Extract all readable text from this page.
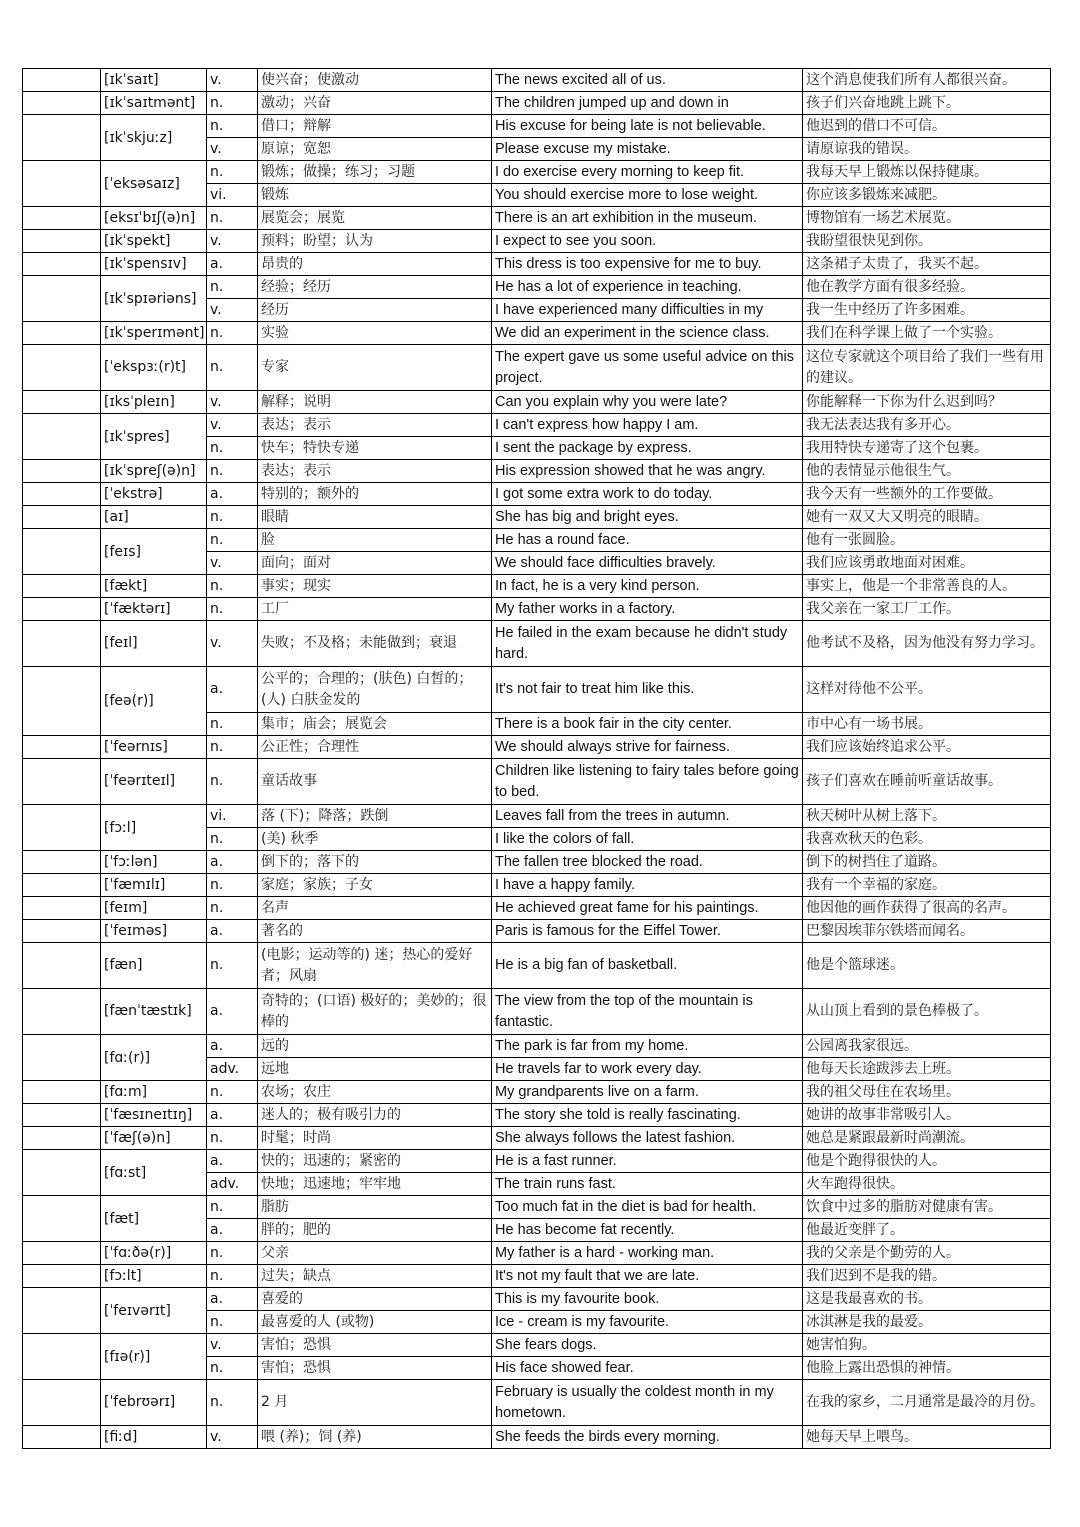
	[ɪkˈsaɪt]	v.	使兴奋；使激动	The news excited all of us.	这个消息使我们所有人都很兴奋。
	[ɪkˈsaɪtmənt]	n.	激动；兴奋	The children jumped up and down in	孩子们兴奋地跳上跳下。
	[ɪkˈskjuːz]	n.	借口；辩解	His excuse for being late is not believable.	他迟到的借口不可信。
		v.	原谅；宽恕	Please excuse my mistake.	请原谅我的错误。
	[ˈeksəsaɪz]	n.	锻炼；做操；练习；习题	I do exercise every morning to keep fit.	我每天早上锻炼以保持健康。
		vi.	锻炼	You should exercise more to lose weight.	你应该多锻炼来减肥。
	[eksɪˈbɪʃ(ə)n]	n.	展览会；展览	There is an art exhibition in the museum.	博物馆有一场艺术展览。
	[ɪkˈspekt]	v.	预料；盼望；认为	I expect to see you soon.	我盼望很快见到你。
	[ɪkˈspensɪv]	a.	昂贵的	This dress is too expensive for me to buy.	这条裙子太贵了，我买不起。
	[ɪkˈspɪəriəns]	n.	经验；经历	He has a lot of experience in teaching.	他在教学方面有很多经验。
		v.	经历	I have experienced many difficulties in my	我一生中经历了许多困难。
	[ɪkˈsperɪmənt]	n.	实验	We did an experiment in the science class.	我们在科学课上做了一个实验。
	[ˈekspɜː(r)t]	n.	专家	The expert gave us some useful advice on this project.	这位专家就这个项目给了我们一些有用的建议。
	[ɪksˈpleɪn]	v.	解释；说明	Can you explain why you were late?	你能解释一下你为什么迟到吗？
	[ɪkˈspres]	v.	表达；表示	I can't express how happy I am.	我无法表达我有多开心。
		n.	快车；特快专递	I sent the package by express.	我用特快专递寄了这个包裹。
	[ɪkˈspreʃ(ə)n]	n.	表达；表示	His expression showed that he was angry.	他的表情显示他很生气。
	[ˈekstrə]	a.	特别的；额外的	I got some extra work to do today.	我今天有一些额外的工作要做。
	[aɪ]	n.	眼睛	She has big and bright eyes.	她有一双又大又明亮的眼睛。
	[feɪs]	n.	脸	He has a round face.	他有一张圆脸。
		v.	面向；面对	We should face difficulties bravely.	我们应该勇敢地面对困难。
	[fækt]	n.	事实；现实	In fact, he is a very kind person.	事实上，他是一个非常善良的人。
	[ˈfæktərɪ]	n.	工厂	My father works in a factory.	我父亲在一家工厂工作。
	[feɪl]	v.	失败；不及格；未能做到；衰退	He failed in the exam because he didn't study hard.	他考试不及格，因为他没有努力学习。
	[feə(r)]	a.	公平的；合理的；(肤色) 白皙的；(人) 白肤金发的	It's not fair to treat him like this.	这样对待他不公平。
		n.	集市；庙会；展览会	There is a book fair in the city center.	市中心有一场书展。
	[ˈfeərnɪs]	n.	公正性；合理性	We should always strive for fairness.	我们应该始终追求公平。
	[ˈfeərɪteɪl]	n.	童话故事	Children like listening to fairy tales before going to bed.	孩子们喜欢在睡前听童话故事。
	[fɔːl]	vi.	落 (下)；降落；跌倒	Leaves fall from the trees in autumn.	秋天树叶从树上落下。
		n.	(美) 秋季	I like the colors of fall.	我喜欢秋天的色彩。
	[ˈfɔːlən]	a.	倒下的；落下的	The fallen tree blocked the road.	倒下的树挡住了道路。
	[ˈfæmɪlɪ]	n.	家庭；家族；子女	I have a happy family.	我有一个幸福的家庭。
	[feɪm]	n.	名声	He achieved great fame for his paintings.	他因他的画作获得了很高的名声。
	[ˈfeɪməs]	a.	著名的	Paris is famous for the Eiffel Tower.	巴黎因埃菲尔铁塔而闻名。
	[fæn]	n.	(电影；运动等的) 迷；热心的爱好者；风扇	He is a big fan of basketball.	他是个篮球迷。
	[fænˈtæstɪk]	a.	奇特的；(口语) 极好的；美妙的；很棒的	The view from the top of the mountain is fantastic.	从山顶上看到的景色棒极了。
	[fɑː(r)]	a.	远的	The park is far from my home.	公园离我家很远。
		adv.	远地	He travels far to work every day.	他每天长途跋涉去上班。
	[fɑːm]	n.	农场；农庄	My grandparents live on a farm.	我的祖父母住在农场里。
	[ˈfæsɪneɪtɪŋ]	a.	迷人的；极有吸引力的	The story she told is really fascinating.	她讲的故事非常吸引人。
	[ˈfæʃ(ə)n]	n.	时髦；时尚	She always follows the latest fashion.	她总是紧跟最新时尚潮流。
	[fɑːst]	a.	快的；迅速的；紧密的	He is a fast runner.	他是个跑得很快的人。
		adv.	快地；迅速地；牢牢地	The train runs fast.	火车跑得很快。
	[fæt]	n.	脂肪	Too much fat in the diet is bad for health.	饮食中过多的脂肪对健康有害。
		a.	胖的；肥的	He has become fat recently.	他最近变胖了。
	[ˈfɑːðə(r)]	n.	父亲	My father is a hard - working man.	我的父亲是个勤劳的人。
	[fɔːlt]	n.	过失；缺点	It's not my fault that we are late.	我们迟到不是我的错。
	[ˈfeɪvərɪt]	a.	喜爱的	This is my favourite book.	这是我最喜欢的书。
		n.	最喜爱的人 (或物)	Ice - cream is my favourite.	冰淇淋是我的最爱。
	[fɪə(r)]	v.	害怕；恐惧	She fears dogs.	她害怕狗。
		n.	害怕；恐惧	His face showed fear.	他脸上露出恐惧的神情。
	[ˈfebrʊərɪ]	n.	2 月	February is usually the coldest month in my hometown.	在我的家乡，二月通常是最冷的月份。
	[fiːd]	v.	喂 (养)；饲 (养)	She feeds the birds every morning.	她每天早上喂鸟。
